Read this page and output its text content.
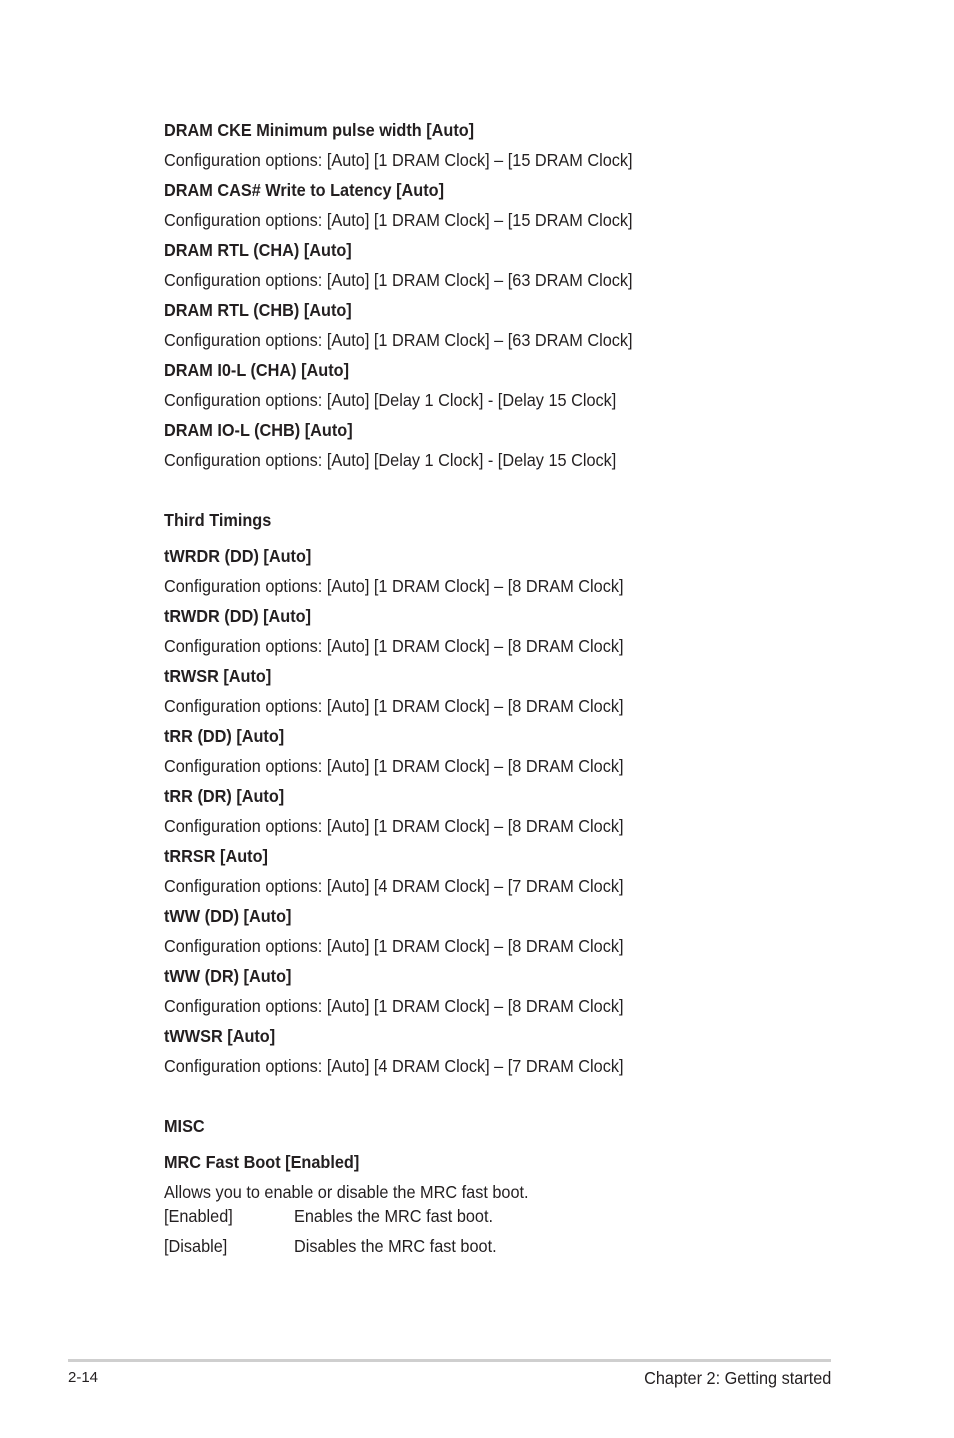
DRAM CKE Minimum pulse width [Auto]
Configuration options: [Auto] [1 DRAM Clock] – [15 DRAM Clock]
DRAM CAS# Write to Latency [Auto]
Configuration options: [Auto] [1 DRAM Clock] – [15 DRAM Clock]
DRAM RTL (CHA) [Auto]
Configuration options: [Auto] [1 DRAM Clock] – [63 DRAM Clock]
DRAM RTL (CHB) [Auto]
Configuration options: [Auto] [1 DRAM Clock] – [63 DRAM Clock]
DRAM I0-L (CHA) [Auto]
Configuration options: [Auto] [Delay 1 Clock] - [Delay 15 Clock]
DRAM IO-L (CHB) [Auto]
Configuration options: [Auto] [Delay 1 Clock] - [Delay 15 Clock]
Third Timings
tWRDR (DD) [Auto]
Configuration options: [Auto] [1 DRAM Clock] – [8 DRAM Clock]
tRWDR (DD) [Auto]
Configuration options: [Auto] [1 DRAM Clock] – [8 DRAM Clock]
tRWSR [Auto]
Configuration options: [Auto] [1 DRAM Clock] – [8 DRAM Clock]
tRR (DD) [Auto]
Configuration options: [Auto] [1 DRAM Clock] – [8 DRAM Clock]
tRR (DR) [Auto]
Configuration options: [Auto] [1 DRAM Clock] – [8 DRAM Clock]
tRRSR [Auto]
Configuration options: [Auto] [4 DRAM Clock] – [7 DRAM Clock]
tWW (DD) [Auto]
Configuration options: [Auto] [1 DRAM Clock] – [8 DRAM Clock]
tWW (DR) [Auto]
Configuration options: [Auto] [1 DRAM Clock] – [8 DRAM Clock]
tWWSR [Auto]
Configuration options: [Auto] [4 DRAM Clock] – [7 DRAM Clock]
MISC
MRC Fast Boot [Enabled]
Allows you to enable or disable the MRC fast boot.
[Enabled]	Enables the MRC fast boot.
[Disable]	Disables the MRC fast boot.
2-14	Chapter 2: Getting started
